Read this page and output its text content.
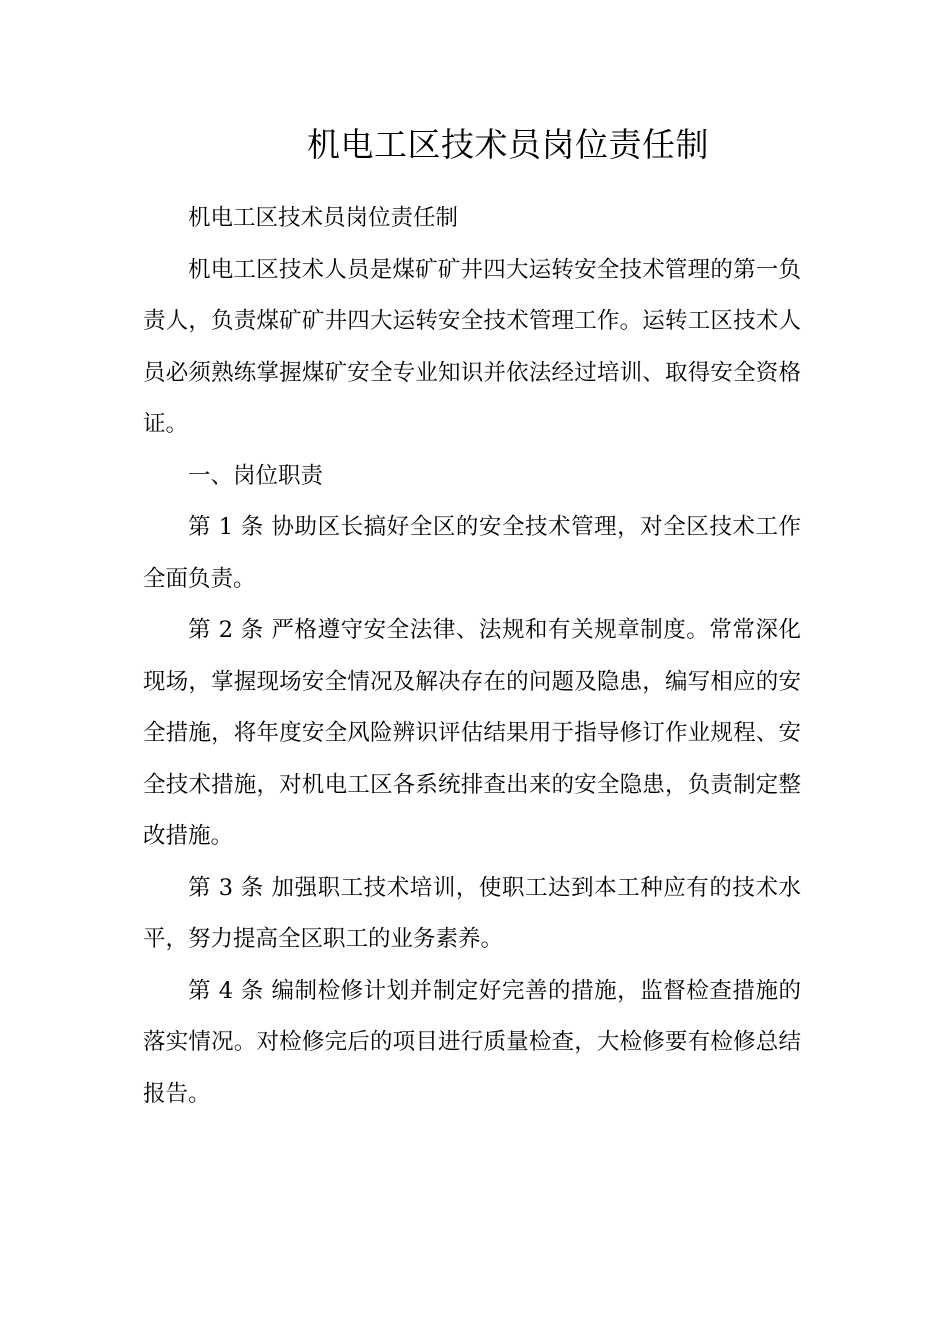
机电工区技术员岗位责任制

机电工区技术员岗位责任制

机电工区技术人员是煤矿矿井四大运转安全技术管理的第一负责人，负责煤矿矿井四大运转安全技术管理工作。运转工区技术人员必须熟练掌握煤矿安全专业知识并依法经过培训、取得安全资格证。

一、岗位职责

第 1 条 协助区长搞好全区的安全技术管理，对全区技术工作全面负责。

第 2 条 严格遵守安全法律、法规和有关规章制度。常常深化现场，掌握现场安全情况及解决存在的问题及隐患，编写相应的安全措施，将年度安全风险辨识评估结果用于指导修订作业规程、安全技术措施，对机电工区各系统排查出来的安全隐患，负责制定整改措施。

第 3 条 加强职工技术培训，使职工达到本工种应有的技术水平，努力提高全区职工的业务素养。

第 4 条 编制检修计划并制定好完善的措施，监督检查措施的落实情况。对检修完后的项目进行质量检查，大检修要有检修总结报告。
